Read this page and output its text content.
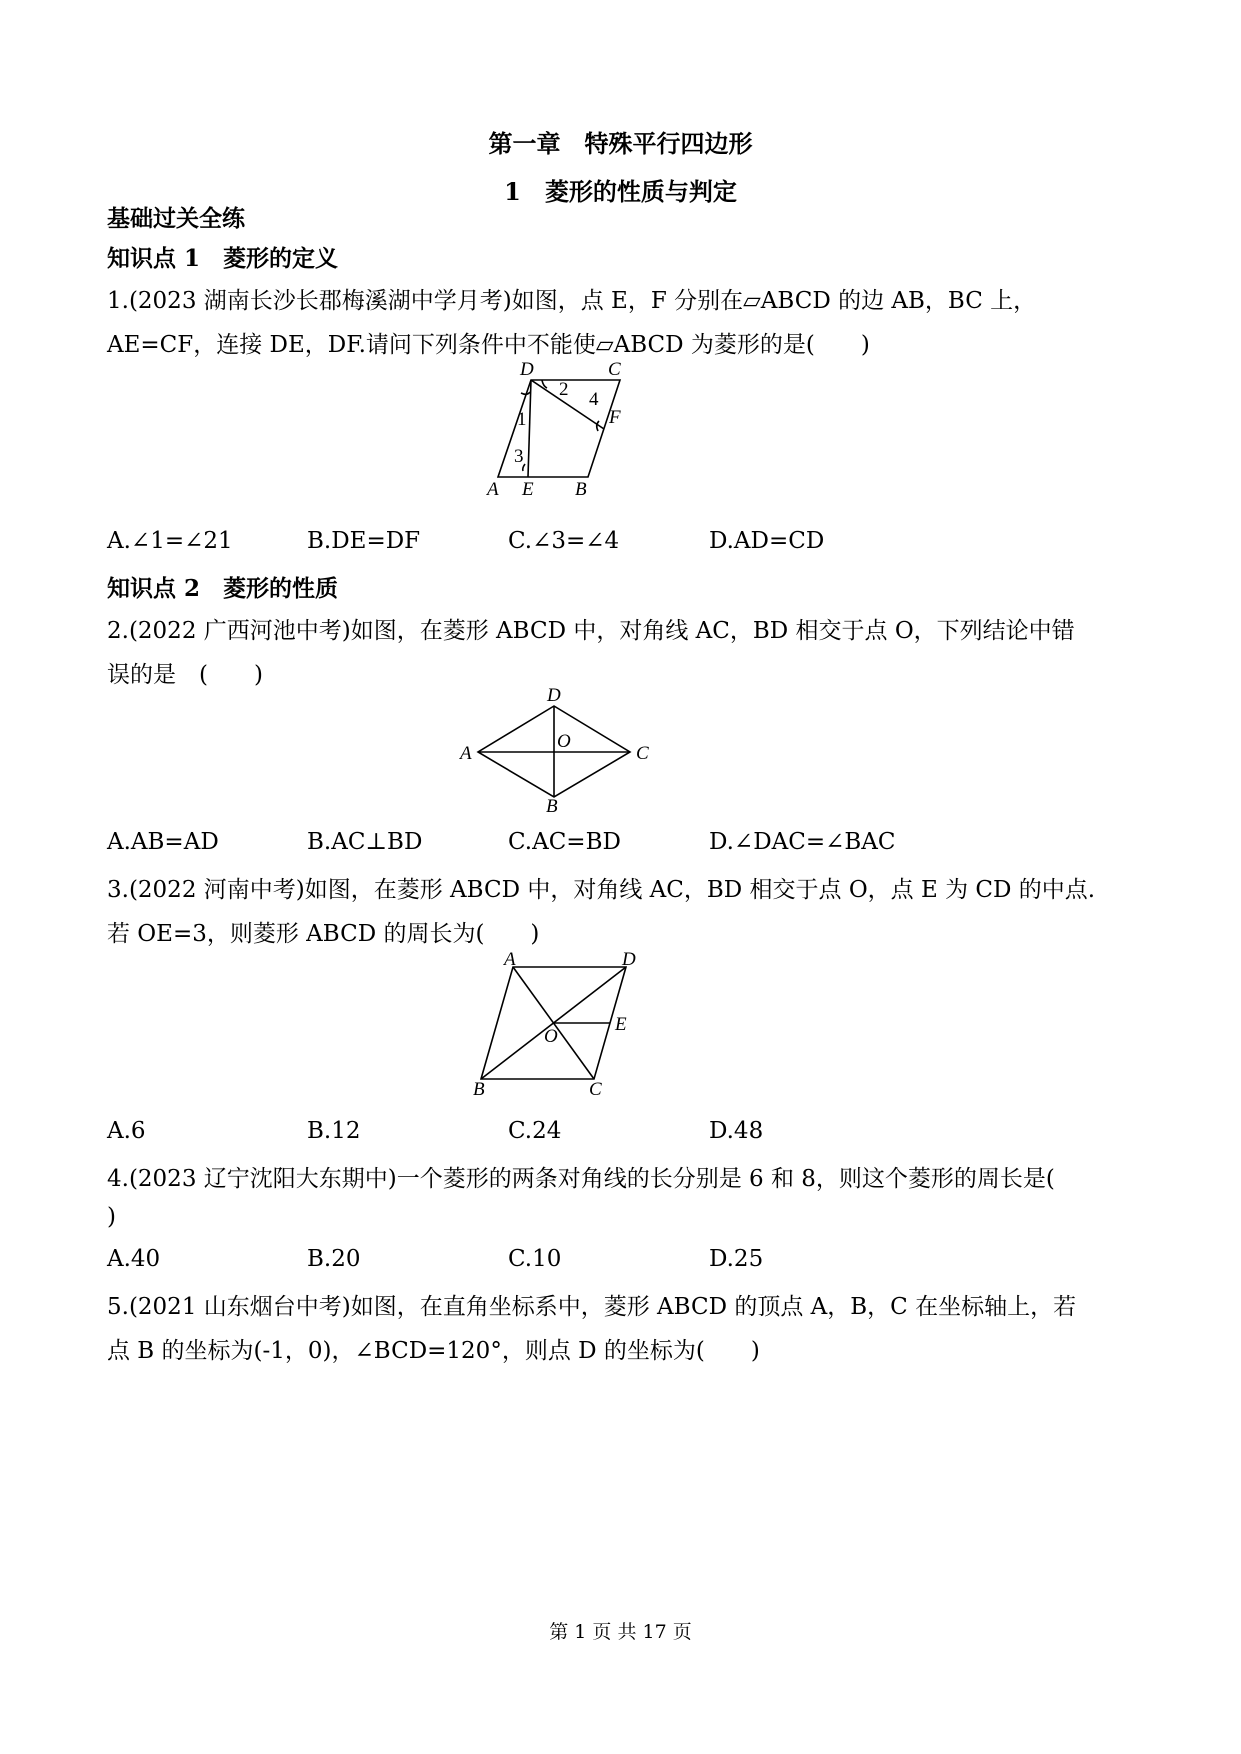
第一章　特殊平行四边形
1　菱形的性质与判定
基础过关全练
知识点 1　菱形的定义
1.(2023 湖南长沙长郡梅溪湖中学月考)如图，点 E，F 分别在▱ABCD 的边 AB，BC 上，
AE=CF，连接 DE，DF.请问下列条件中不能使▱ABCD 为菱形的是(　　)
D	C
A E B
F
1
2
3
4
A.∠1=∠21	B.DE=DF	C.∠3=∠4	D.AD=CD
知识点 2　菱形的性质
2.(2022 广西河池中考)如图，在菱形 ABCD 中，对角线 AC，BD 相交于点 O，下列结论中错
误的是　(　　)
D
A
O
C
B
A.AB=AD	B.AC⊥BD	C.AC=BD	D.∠DAC=∠BAC
3.(2022 河南中考)如图，在菱形 ABCD 中，对角线 AC，BD 相交于点 O，点 E 为 CD 的中点.
若 OE=3，则菱形 ABCD 的周长为(　　)
A	D
E
O
B	C
A.6	B.12	C.24	D.48
4.(2023 辽宁沈阳大东期中)一个菱形的两条对角线的长分别是 6 和 8，则这个菱形的周长是(
)
A.40	B.20	C.10	D.25
5.(2021 山东烟台中考)如图，在直角坐标系中，菱形 ABCD 的顶点 A，B，C 在坐标轴上，若
点 B 的坐标为(-1，0)，∠BCD=120°，则点 D 的坐标为(　　)
第 1 页 共 17 页
